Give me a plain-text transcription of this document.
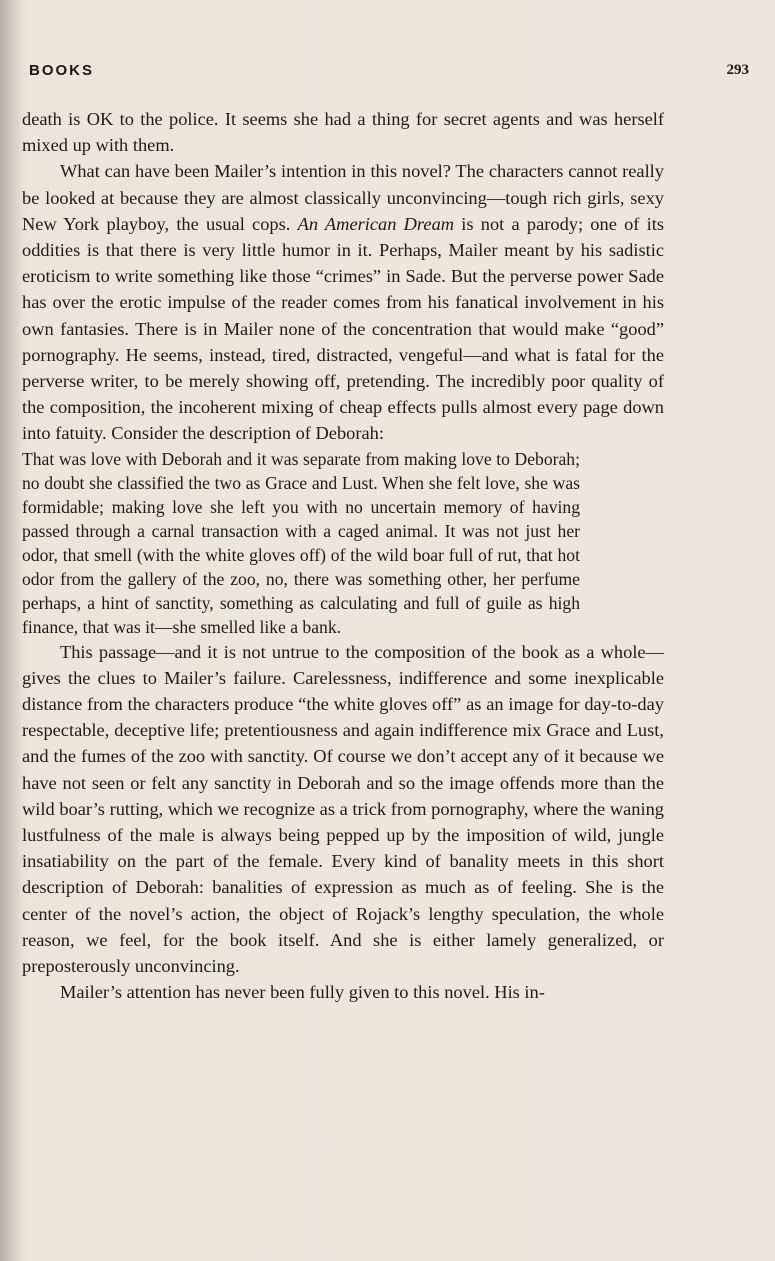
BOOKS	293

death is OK to the police. It seems she had a thing for secret agents and was herself mixed up with them.

What can have been Mailer’s intention in this novel? The characters cannot really be looked at because they are almost classically unconvincing—tough rich girls, sexy New York playboy, the usual cops. An American Dream is not a parody; one of its oddities is that there is very little humor in it. Perhaps, Mailer meant by his sadistic eroticism to write something like those “crimes” in Sade. But the perverse power Sade has over the erotic impulse of the reader comes from his fanatical involvement in his own fantasies. There is in Mailer none of the concentration that would make “good” pornography. He seems, instead, tired, distracted, vengeful—and what is fatal for the perverse writer, to be merely showing off, pretending. The incredibly poor quality of the composition, the incoherent mixing of cheap effects pulls almost every page down into fatuity. Consider the description of Deborah:

That was love with Deborah and it was separate from making love to Deborah; no doubt she classified the two as Grace and Lust. When she felt love, she was formidable; making love she left you with no uncertain memory of having passed through a carnal transaction with a caged animal. It was not just her odor, that smell (with the white gloves off) of the wild boar full of rut, that hot odor from the gallery of the zoo, no, there was something other, her perfume perhaps, a hint of sanctity, something as calculating and full of guile as high finance, that was it—she smelled like a bank.

This passage—and it is not untrue to the composition of the book as a whole—gives the clues to Mailer’s failure. Carelessness, indifference and some inexplicable distance from the characters produce “the white gloves off” as an image for day-to-day respectable, deceptive life; pretentiousness and again indifference mix Grace and Lust, and the fumes of the zoo with sanctity. Of course we don’t accept any of it because we have not seen or felt any sanctity in Deborah and so the image offends more than the wild boar’s rutting, which we recognize as a trick from pornography, where the waning lustfulness of the male is always being pepped up by the imposition of wild, jungle insatiability on the part of the female. Every kind of banality meets in this short description of Deborah: banalities of expression as much as of feeling. She is the center of the novel’s action, the object of Rojack’s lengthy speculation, the whole reason, we feel, for the book itself. And she is either lamely generalized, or preposterously unconvincing.

Mailer’s attention has never been fully given to this novel. His in-
